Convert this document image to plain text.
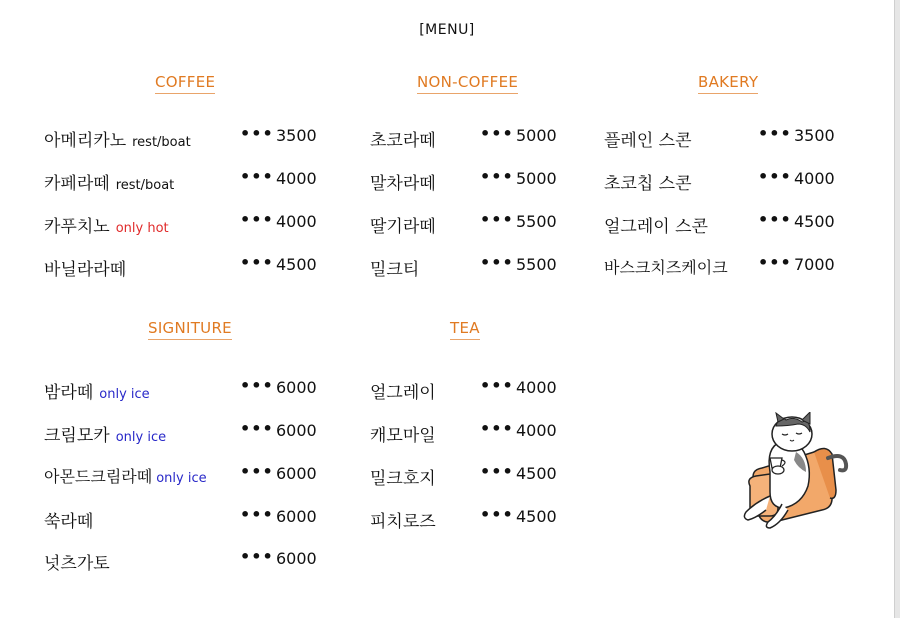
[MENU]
COFFEE	NON-COFFEE	BAKERY
SIGNITURE	TEA
아메리카노 rest/boat	••• 3500
카페라떼 rest/boat	••• 4000
카푸치노 only hot	••• 4000
바닐라라떼	••• 4500
초코라떼	••• 5000
말차라떼	••• 5000
딸기라떼	••• 5500
밀크티	••• 5500
플레인 스콘	••• 3500
초코칩 스콘	••• 4000
얼그레이 스콘	••• 4500
바스크치즈케이크 ••• 7000
밤라떼 only ice	••• 6000
크림모카 only ice	••• 6000
아몬드크림라떼 only ice ••• 6000
쑥라떼	••• 6000
넛츠가토	••• 6000
얼그레이	••• 4000
캐모마일	••• 4000
밀크호지	••• 4500
피치로즈	••• 4500
